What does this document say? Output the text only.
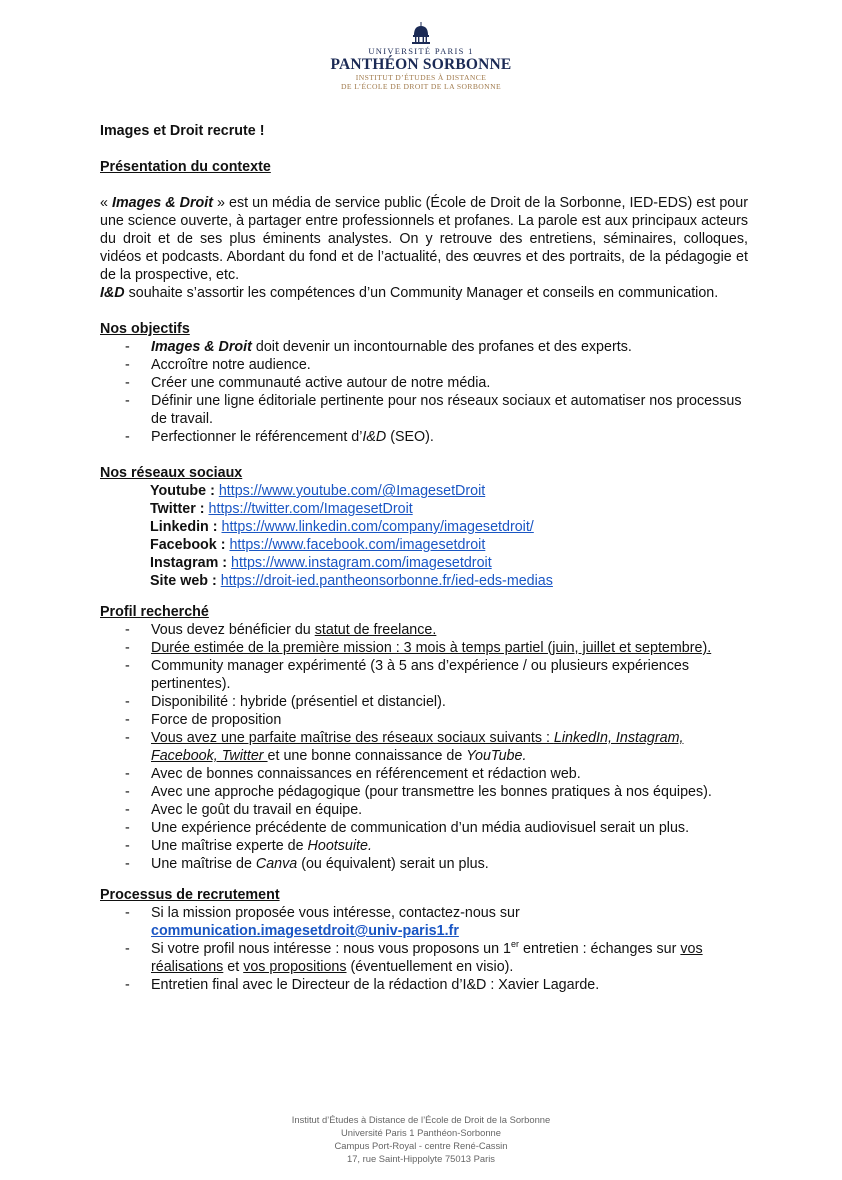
UNIVERSITÉ PARIS 1
PANTHÉON SORBONNE
INSTITUT D’ÉTUDES À DISTANCE
DE L’ÉCOLE DE DROIT DE LA SORBONNE
Images et Droit recrute !
Présentation du contexte

« Images & Droit » est un média de service public (École de Droit de la Sorbonne, IED-EDS) est pour une science ouverte, à partager entre professionnels et profanes. La parole est aux principaux acteurs du droit et de ses plus éminents analystes. On y retrouve des entretiens, séminaires, colloques, vidéos et podcasts. Abordant du fond et de l’actualité, des œuvres et des portraits, de la pédagogie et de la prospective, etc.

I&D souhaite s’assortir les compétences d’un Community Manager et conseils en communication.

Nos objectifs
- Images & Droit doit devenir un incontournable des profanes et des experts.
- Accroître notre audience.
- Créer une communauté active autour de notre média.
- Définir une ligne éditoriale pertinente pour nos réseaux sociaux et automatiser nos processus de travail.
- Perfectionner le référencement d’I&D (SEO).
Nos réseaux sociaux
Youtube : https://www.youtube.com/@ImagesetDroit
Twitter : https://twitter.com/ImagesetDroit
Linkedin : https://www.linkedin.com/company/imagesetdroit/
Facebook : https://www.facebook.com/imagesetdroit
Instagram : https://www.instagram.com/imagesetdroit
Site web : https://droit-ied.pantheonsorbonne.fr/ied-eds-medias
Profil recherché
- Vous devez bénéficier du statut de freelance.
- Durée estimée de la première mission : 3 mois à temps partiel (juin, juillet et septembre).
- Community manager expérimenté (3 à 5 ans d’expérience / ou plusieurs expériences pertinentes).
- Disponibilité : hybride (présentiel et distanciel).
- Force de proposition
- Vous avez une parfaite maîtrise des réseaux sociaux suivants : LinkedIn, Instagram, Facebook, Twitter et une bonne connaissance de YouTube.
- Avec de bonnes connaissances en référencement et rédaction web.
- Avec une approche pédagogique (pour transmettre les bonnes pratiques à nos équipes).
- Avec le goût du travail en équipe.
- Une expérience précédente de communication d’un média audiovisuel serait un plus.
- Une maîtrise experte de Hootsuite.
- Une maîtrise de Canva (ou équivalent) serait un plus.
Processus de recrutement
- Si la mission proposée vous intéresse, contactez-nous sur communication.imagesetdroit@univ-paris1.fr
- Si votre profil nous intéresse : nous vous proposons un 1er entretien : échanges sur vos réalisations et vos propositions (éventuellement en visio).
- Entretien final avec le Directeur de la rédaction d’I&D : Xavier Lagarde.
Institut d’Études à Distance de l’École de Droit de la Sorbonne
Université Paris 1 Panthéon-Sorbonne
Campus Port-Royal - centre René-Cassin
17, rue Saint-Hippolyte 75013 Paris
